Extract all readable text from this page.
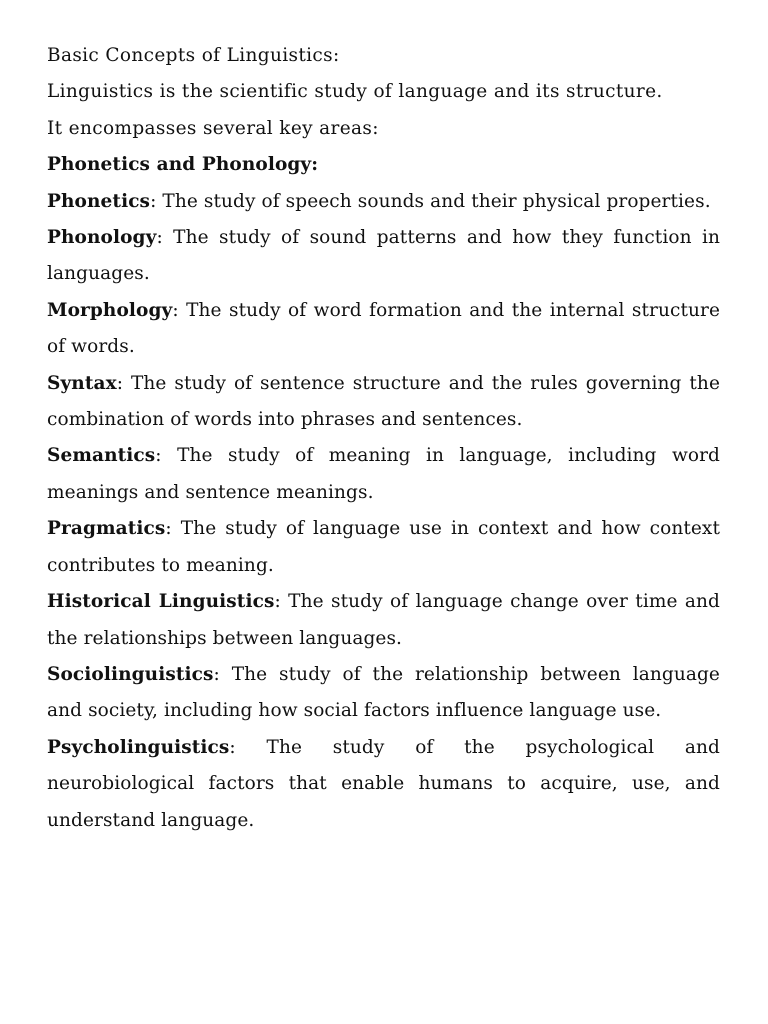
Basic Concepts of Linguistics:
Linguistics is the scientific study of language and its structure.
It encompasses several key areas:
Phonetics and Phonology:
Phonetics: The study of speech sounds and their physical properties.
Phonology: The study of sound patterns and how they function in languages.
Morphology: The study of word formation and the internal structure of words.
Syntax: The study of sentence structure and the rules governing the combination of words into phrases and sentences.
Semantics: The study of meaning in language, including word meanings and sentence meanings.
Pragmatics: The study of language use in context and how context contributes to meaning.
Historical Linguistics: The study of language change over time and the relationships between languages.
Sociolinguistics: The study of the relationship between language and society, including how social factors influence language use.
Psycholinguistics: The study of the psychological and neurobiological factors that enable humans to acquire, use, and understand language.
